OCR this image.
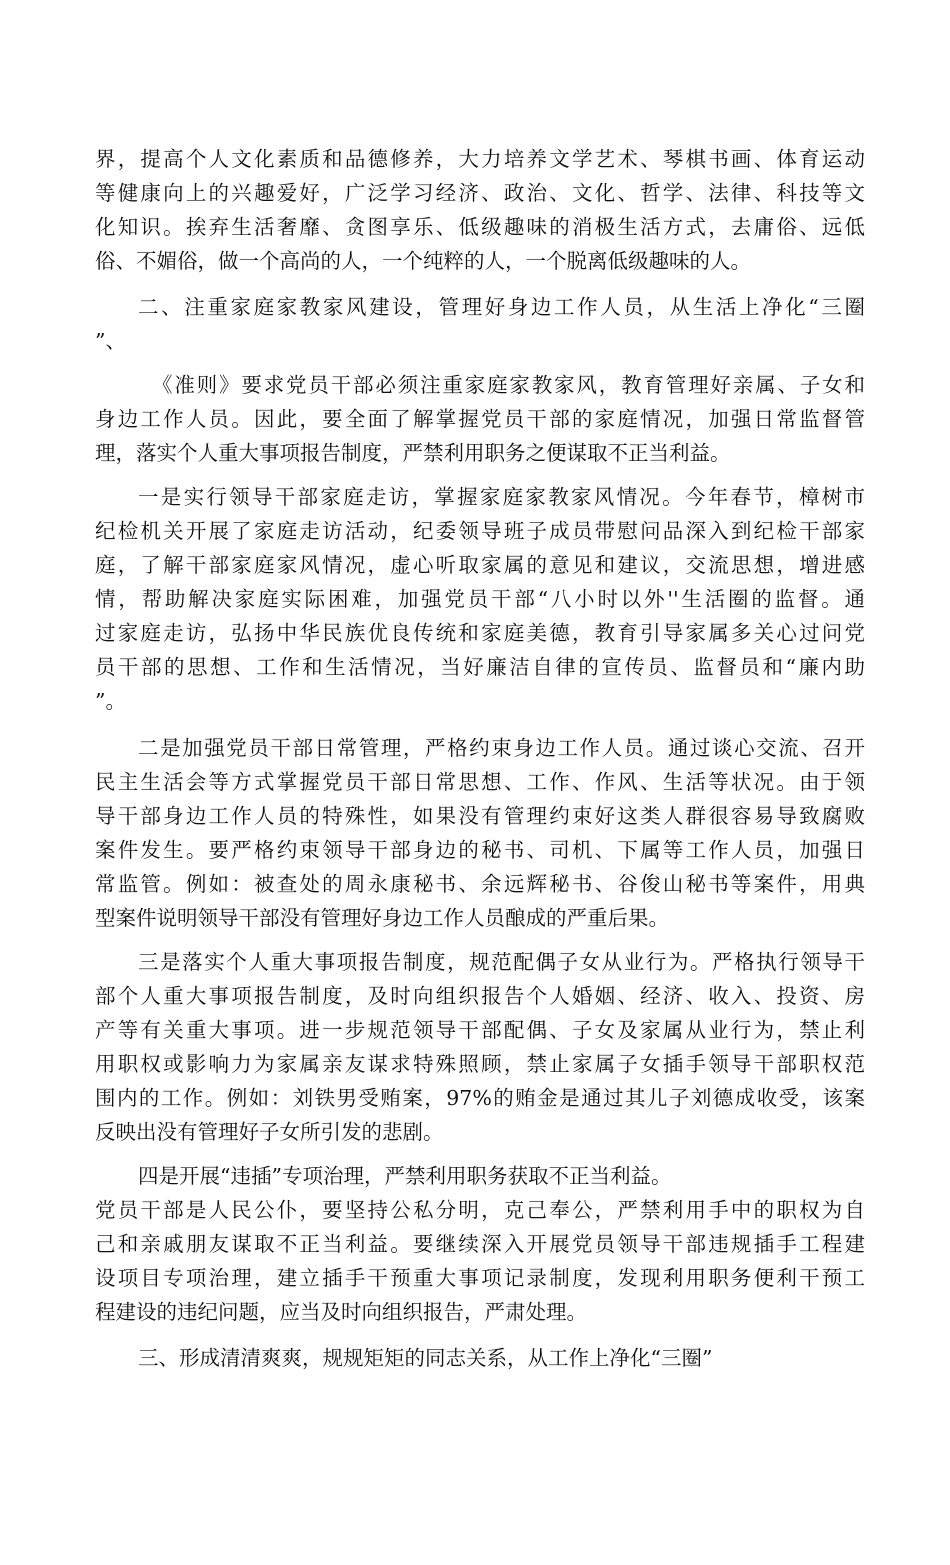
界，提高个人文化素质和品德修养，大力培养文学艺术、琴棋书画、体育运动
等健康向上的兴趣爱好，广泛学习经济、政治、文化、哲学、法律、科技等文
化知识。挨弃生活奢靡、贪图享乐、低级趣味的消极生活方式，去庸俗、远低
俗、不媚俗，做一个高尚的人，一个纯粹的人，一个脱离低级趣味的人。
二、注重家庭家教家风建设，管理好身边工作人员，从生活上净化“三圈
”、
《准则》要求党员干部必须注重家庭家教家风，教育管理好亲属、子女和
身边工作人员。因此，要全面了解掌握党员干部的家庭情况，加强日常监督管
理，落实个人重大事项报告制度，严禁利用职务之便谋取不正当利益。
一是实行领导干部家庭走访，掌握家庭家教家风情况。今年春节，樟树市
纪检机关开展了家庭走访活动，纪委领导班子成员带慰问品深入到纪检干部家
庭，了解干部家庭家风情况，虚心听取家属的意见和建议，交流思想，增进感
情，帮助解决家庭实际困难，加强党员干部“八小时以外''生活圈的监督。通
过家庭走访，弘扬中华民族优良传统和家庭美德，教育引导家属多关心过问党
员干部的思想、工作和生活情况，当好廉洁自律的宣传员、监督员和“廉内助
”。
二是加强党员干部日常管理，严格约束身边工作人员。通过谈心交流、召开
民主生活会等方式掌握党员干部日常思想、工作、作风、生活等状况。由于领
导干部身边工作人员的特殊性，如果没有管理约束好这类人群很容易导致腐败
案件发生。要严格约束领导干部身边的秘书、司机、下属等工作人员，加强日
常监管。例如：被查处的周永康秘书、余远辉秘书、谷俊山秘书等案件，用典
型案件说明领导干部没有管理好身边工作人员酿成的严重后果。
三是落实个人重大事项报告制度，规范配偶子女从业行为。严格执行领导干
部个人重大事项报告制度，及时向组织报告个人婚姻、经济、收入、投资、房
产等有关重大事项。进一步规范领导干部配偶、子女及家属从业行为，禁止利
用职权或影响力为家属亲友谋求特殊照顾，禁止家属子女插手领导干部职权范
围内的工作。例如：刘铁男受贿案，97%的贿金是通过其儿子刘德成收受，该案
反映出没有管理好子女所引发的悲剧。
四是开展“违插”专项治理，严禁利用职务获取不正当利益。
党员干部是人民公仆，要坚持公私分明，克己奉公，严禁利用手中的职权为自
己和亲戚朋友谋取不正当利益。要继续深入开展党员领导干部违规插手工程建
设项目专项治理，建立插手干预重大事项记录制度，发现利用职务便利干预工
程建设的违纪问题，应当及时向组织报告，严肃处理。
三、形成清清爽爽，规规矩矩的同志关系，从工作上净化“三圈”
